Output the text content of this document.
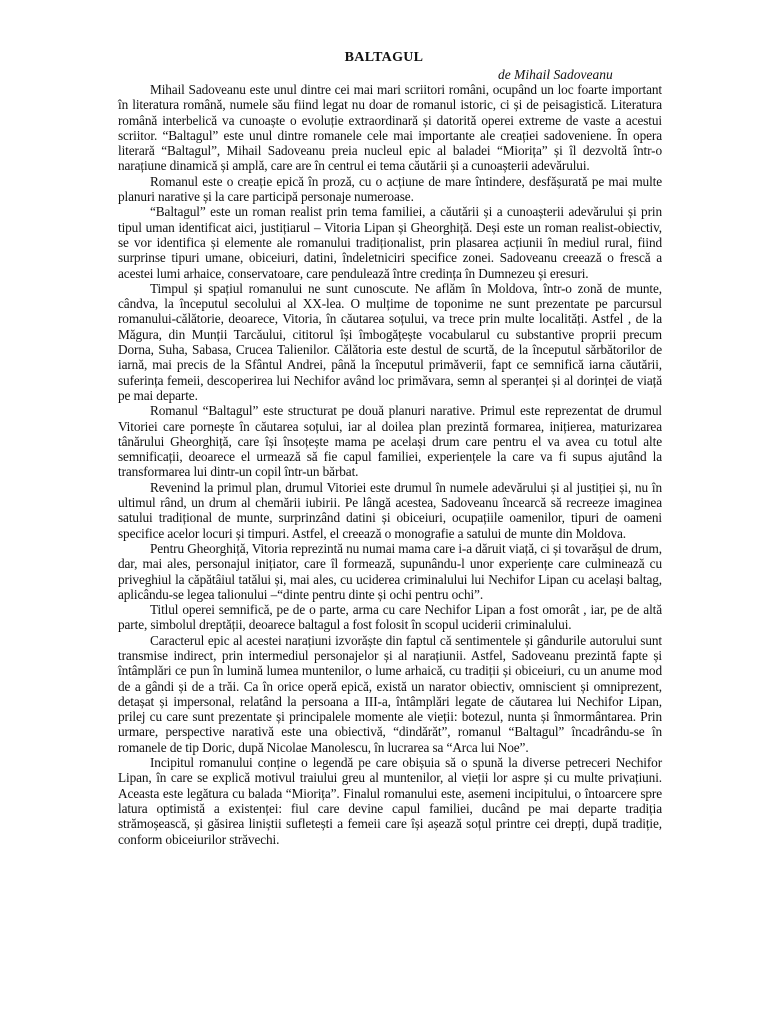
BALTAGUL
de Mihail Sadoveanu

Mihail Sadoveanu este unul dintre cei mai mari scriitori români, ocupând un loc foarte important în literatura română, numele său fiind legat nu doar de romanul istoric, ci și de peisagistică. Literatura română interbelică va cunoaște o evoluție extraordinară și datorită operei extreme de vaste a acestui scriitor. “Baltagul” este unul dintre romanele cele mai importante ale creației sadoveniene. În opera literară “Baltagul”, Mihail Sadoveanu preia nucleul epic al baladei “Miorița” și îl dezvoltă într-o narațiune dinamică și amplă, care are în centrul ei tema căutării și a cunoașterii adevărului.

Romanul este o creație epică în proză, cu o acțiune de mare întindere, desfășurată pe mai multe planuri narative și la care participă personaje numeroase.

“Baltagul” este un roman realist prin tema familiei, a căutării și a cunoașterii adevărului și prin tipul uman identificat aici, justițiarul – Vitoria Lipan și Gheorghiță. Deși este un roman realist-obiectiv, se vor identifica și elemente ale romanului tradiționalist, prin plasarea acțiunii în mediul rural, fiind surprinse tipuri umane, obiceiuri, datini, îndeletniciri specifice zonei. Sadoveanu creează o frescă a acestei lumi arhaice, conservatoare, care pendulează între credința în Dumnezeu și eresuri.

Timpul și spațiul romanului ne sunt cunoscute. Ne aflăm în Moldova, într-o zonă de munte, cândva, la începutul secolului al XX-lea. O mulțime de toponime ne sunt prezentate pe parcursul romanului-călătorie, deoarece, Vitoria, în căutarea soțului, va trece prin multe localități. Astfel , de la Măgura, din Munții Tarcăului, cititorul își îmbogățește vocabularul cu substantive proprii precum Dorna, Suha, Sabasa, Crucea Talienilor. Călătoria este destul de scurtă, de la începutul sărbătorilor de iarnă, mai precis de la Sfântul Andrei, până la începutul primăverii, fapt ce semnifică iarna căutării, suferința femeii, descoperirea lui Nechifor având loc primăvara, semn al speranței și al dorinței de viață pe mai departe.

Romanul “Baltagul” este structurat pe două planuri narative. Primul este reprezentat de drumul Vitoriei care pornește în căutarea soțului, iar al doilea plan prezintă formarea, inițierea, maturizarea tânărului Gheorghiță, care își însoțește mama pe același drum care pentru el va avea cu totul alte semnificații, deoarece el urmează să fie capul familiei, experiențele la care va fi supus ajutând la transformarea lui dintr-un copil într-un bărbat.

Revenind la primul plan, drumul Vitoriei este drumul în numele adevărului și al justiției și, nu în ultimul rând, un drum al chemării iubirii. Pe lângă acestea, Sadoveanu încearcă să recreeze imaginea satului tradițional de munte, surprinzând datini și obiceiuri, ocupațiile oamenilor, tipuri de oameni specifice acelor locuri și timpuri. Astfel, el creează o monografie a satului de munte din Moldova.

Pentru Gheorghiță, Vitoria reprezintă nu numai mama care i-a dăruit viață, ci și tovarășul de drum, dar, mai ales, personajul inițiator, care îl formează, supunându-l unor experiențe care culminează cu priveghiul la căpătâiul tatălui și, mai ales, cu uciderea criminalului lui Nechifor Lipan cu același baltag, aplicându-se legea talionului –“dinte pentru dinte și ochi pentru ochi”.

Titlul operei semnifică, pe de o parte, arma cu care Nechifor Lipan a fost omorât , iar, pe de altă parte, simbolul dreptății, deoarece baltagul a fost folosit în scopul uciderii criminalului.

Caracterul epic al acestei narațiuni izvorăște din faptul că sentimentele și gândurile autorului sunt transmise indirect, prin intermediul personajelor și al narațiunii. Astfel, Sadoveanu prezintă fapte și întâmplări ce pun în lumină lumea muntenilor, o lume arhaică, cu tradiții și obiceiuri, cu un anume mod de a gândi și de a trăi. Ca în orice operă epică, există un narator obiectiv, omniscient și omniprezent, detașat și impersonal, relatând la persoana a III-a, întâmplări legate de căutarea lui Nechifor Lipan, prilej cu care sunt prezentate și principalele momente ale vieții: botezul, nunta și înmormântarea. Prin urmare, perspective narativă este una obiectivă, “dindărăt”, romanul “Baltagul” încadrându-se în romanele de tip Doric, după Nicolae Manolescu, în lucrarea sa “Arca lui Noe”.

Incipitul romanului conține o legendă pe care obișuia să o spună la diverse petreceri Nechifor Lipan, în care se explică motivul traiului greu al muntenilor, al vieții lor aspre și cu multe privațiuni. Aceasta este legătura cu balada “Miorița”. Finalul romanului este, asemeni incipitului, o întoarcere spre latura optimistă a existenței: fiul care devine capul familiei, ducând pe mai departe tradiția strămoșească, și găsirea liniștii sufletești a femeii care își așează soțul printre cei drepți, după tradiție, conform obiceiurilor străvechi.
